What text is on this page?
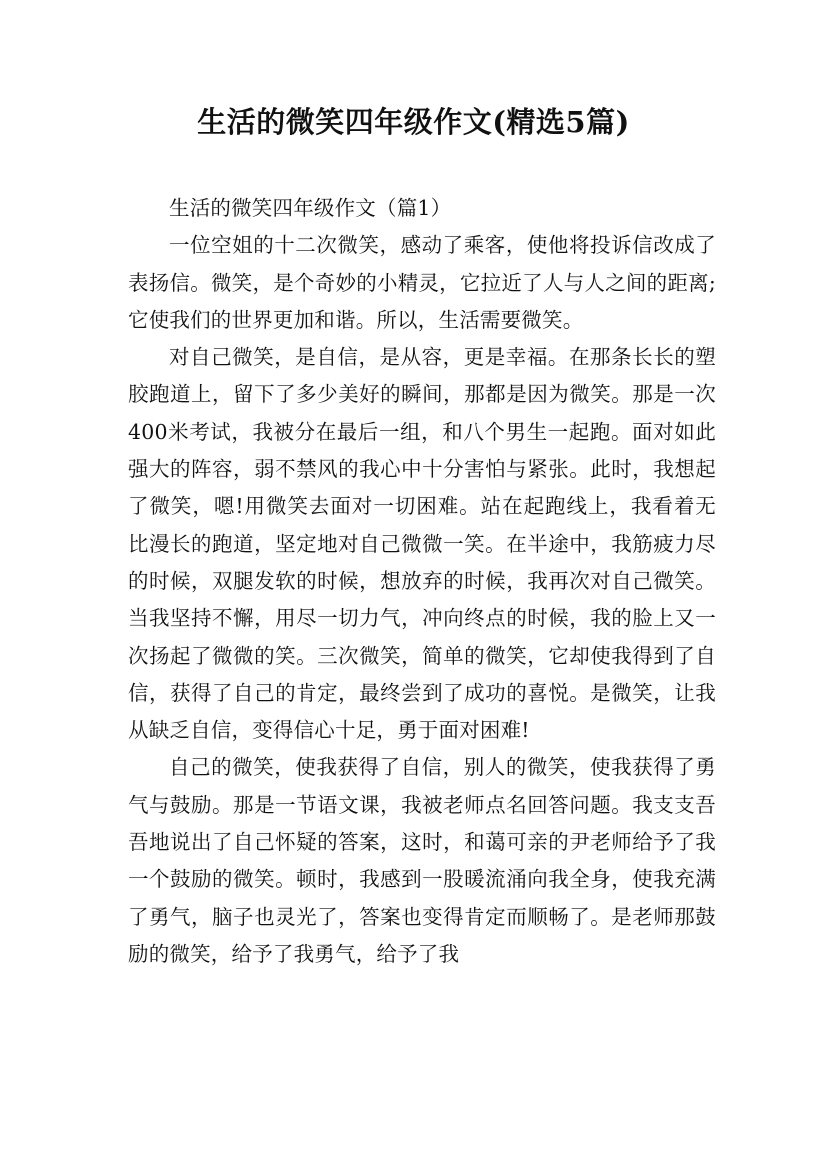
生活的微笑四年级作文(精选5篇)
生活的微笑四年级作文（篇1）

一位空姐的十二次微笑，感动了乘客，使他将投诉信改成了表扬信。微笑，是个奇妙的小精灵，它拉近了人与人之间的距离;它使我们的世界更加和谐。所以，生活需要微笑。

对自己微笑，是自信，是从容，更是幸福。在那条长长的塑胶跑道上，留下了多少美好的瞬间，那都是因为微笑。那是一次400米考试，我被分在最后一组，和八个男生一起跑。面对如此强大的阵容，弱不禁风的我心中十分害怕与紧张。此时，我想起了微笑，嗯!用微笑去面对一切困难。站在起跑线上，我看着无比漫长的跑道，坚定地对自己微微一笑。在半途中，我筋疲力尽的时候，双腿发软的时候，想放弃的时候，我再次对自己微笑。当我坚持不懈，用尽一切力气，冲向终点的时候，我的脸上又一次扬起了微微的笑。三次微笑，简单的微笑，它却使我得到了自信，获得了自己的肯定，最终尝到了成功的喜悦。是微笑，让我从缺乏自信，变得信心十足，勇于面对困难!

自己的微笑，使我获得了自信，别人的微笑，使我获得了勇气与鼓励。那是一节语文课，我被老师点名回答问题。我支支吾吾地说出了自己怀疑的答案，这时，和蔼可亲的尹老师给予了我一个鼓励的微笑。顿时，我感到一股暖流涌向我全身，使我充满了勇气，脑子也灵光了，答案也变得肯定而顺畅了。是老师那鼓励的微笑，给予了我勇气，给予了我
